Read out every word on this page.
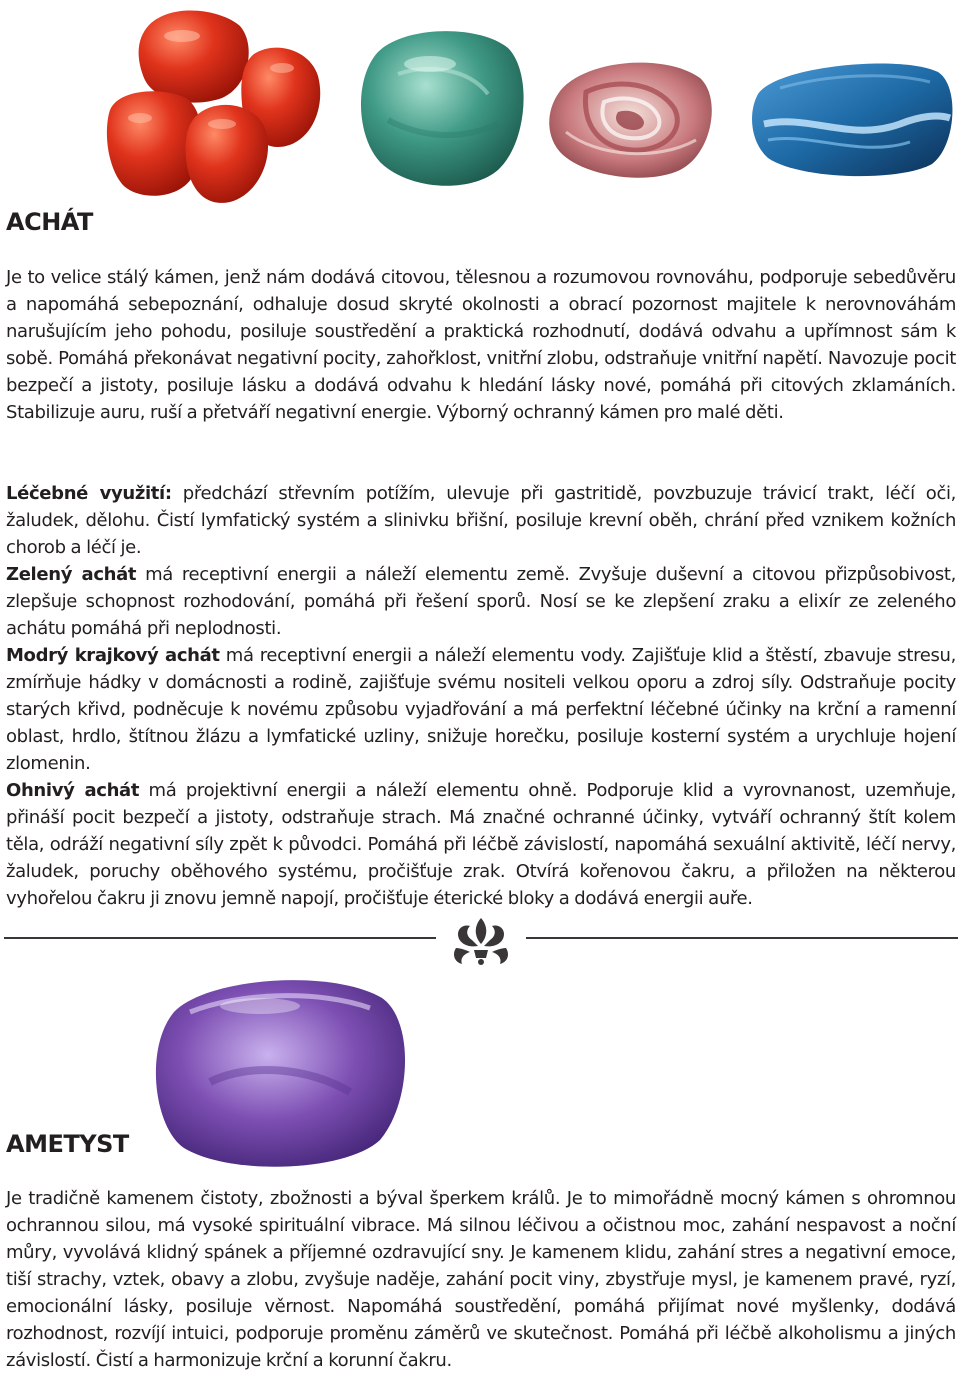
ACHÁT

Je to velice stálý kámen, jenž nám dodává citovou, tělesnou a rozumovou rovnováhu, podporuje sebedůvěru a napomáhá sebepoznání, odhaluje dosud skryté okolnosti a obrací pozornost majitele k nerovnováhám narušujícím jeho pohodu, posiluje soustředění a praktická rozhodnutí, dodává odvahu a upřímnost sám k sobě. Pomáhá překonávat negativní pocity, zahořklost, vnitřní zlobu, odstraňuje vnitřní napětí. Navozuje pocit bezpečí a jistoty, posiluje lásku a dodává odvahu k hledání lásky nové, pomáhá při citových zklamáních. Stabilizuje auru, ruší a přetváří negativní energie. Výborný ochranný kámen pro malé děti.

Léčebné využití: předchází střevním potížím, ulevuje při gastritidě, povzbuzuje trávicí trakt, léčí oči, žaludek, dělohu. Čistí lymfatický systém a slinivku břišní, posiluje krevní oběh, chrání před vznikem kožních chorob a léčí je.

Zelený achát má receptivní energii a náleží elementu země. Zvyšuje duševní a citovou přizpůsobivost, zlepšuje schopnost rozhodování, pomáhá při řešení sporů. Nosí se ke zlepšení zraku a elixír ze zeleného achátu pomáhá při neplodnosti.

Modrý krajkový achát má receptivní energii a náleží elementu vody. Zajišťuje klid a štěstí, zbavuje stresu, zmírňuje hádky v domácnosti a rodině, zajišťuje svému nositeli velkou oporu a zdroj síly. Odstraňuje pocity starých křivd, podněcuje k novému způsobu vyjadřování a má perfektní léčebné účinky na krční a ramenní oblast, hrdlo, štítnou žlázu a lymfatické uzliny, snižuje horečku, posiluje kosterní systém a urychluje hojení zlomenin.

Ohnivý achát má projektivní energii a náleží elementu ohně. Podporuje klid a vyrovnanost, uzemňuje, přináší pocit bezpečí a jistoty, odstraňuje strach. Má značné ochranné účinky, vytváří ochranný štít kolem těla, odráží negativní síly zpět k původci. Pomáhá při léčbě závislostí, napomáhá sexuální aktivitě, léčí nervy, žaludek, poruchy oběhového systému, pročišťuje zrak. Otvírá kořenovou čakru, a přiložen na některou vyhořelou čakru ji znovu jemně napojí, pročišťuje éterické bloky a dodává energii auře.

AMETYST

Je tradičně kamenem čistoty, zbožnosti a býval šperkem králů. Je to mimořádně mocný kámen s ohromnou ochrannou silou, má vysoké spirituální vibrace. Má silnou léčivou a očistnou moc, zahání nespavost a noční můry, vyvolává klidný spánek a příjemné ozdravující sny. Je kamenem klidu, zahání stres a negativní emoce, tiší strachy, vztek, obavy a zlobu, zvyšuje naděje, zahání pocit viny, zbystřuje mysl, je kamenem pravé, ryzí, emocionální lásky, posiluje věrnost. Napomáhá soustředění, pomáhá přijímat nové myšlenky, dodává rozhodnost, rozvíjí intuici, podporuje proměnu záměrů ve skutečnost. Pomáhá při léčbě alkoholismu a jiných závislostí. Čistí a harmonizuje krční a korunní čakru.
